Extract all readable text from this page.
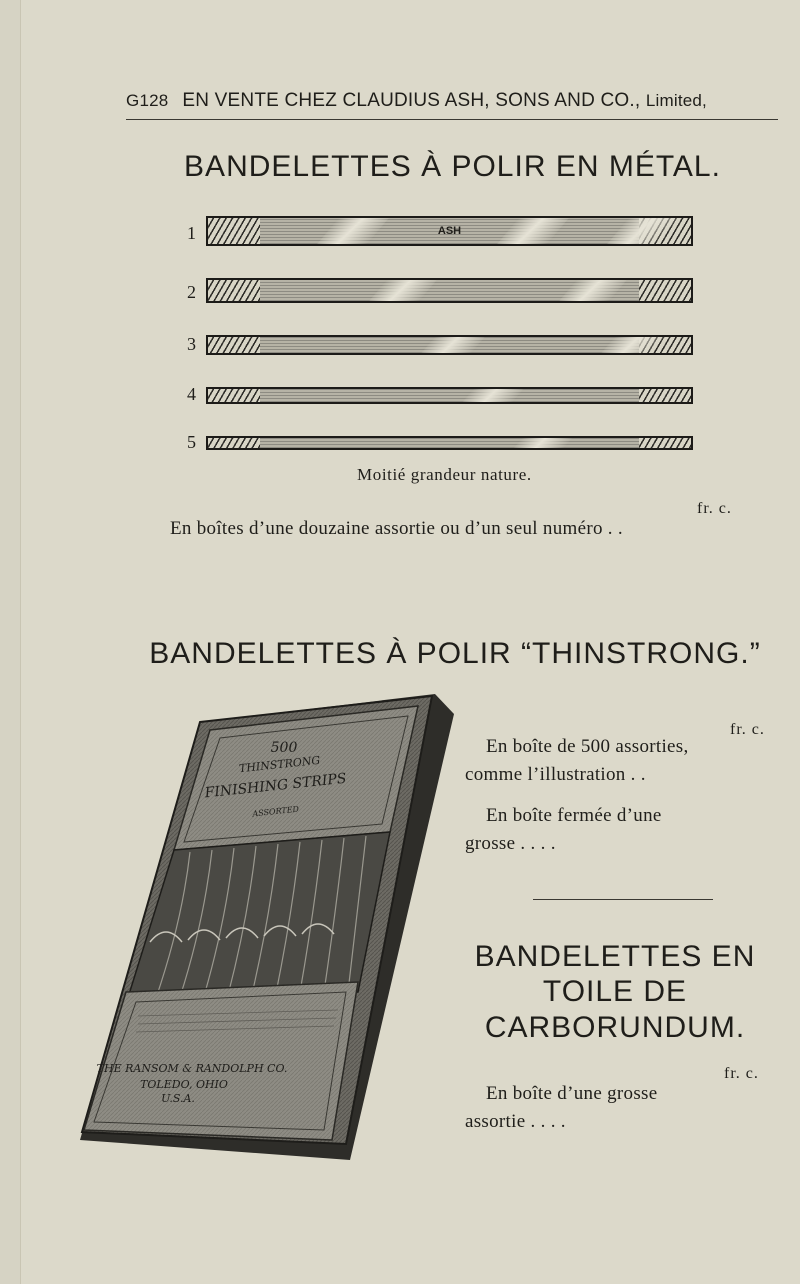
G128 EN VENTE CHEZ CLAUDIUS ASH, SONS AND CO., Limited,
BANDELETTES À POLIR EN MÉTAL.
1	ASH
2
3
4
5
Moitié grandeur nature.
fr. c.
En boîtes d’une douzaine assortie ou d’un seul numéro . .
BANDELETTES À POLIR “THINSTRONG.”
500
THINSTRONG
FINISHING STRIPS
ASSORTED
THE RANSOM & RANDOLPH CO.
TOLEDO, OHIO
U.S.A.
fr. c.
En boîte de 500 assorties,
comme l’illustration . .
En boîte fermée d’une
grosse . . . .
BANDELETTES EN
TOILE DE
CARBORUNDUM.
fr. c.
En boîte d’une grosse
assortie . . . .
